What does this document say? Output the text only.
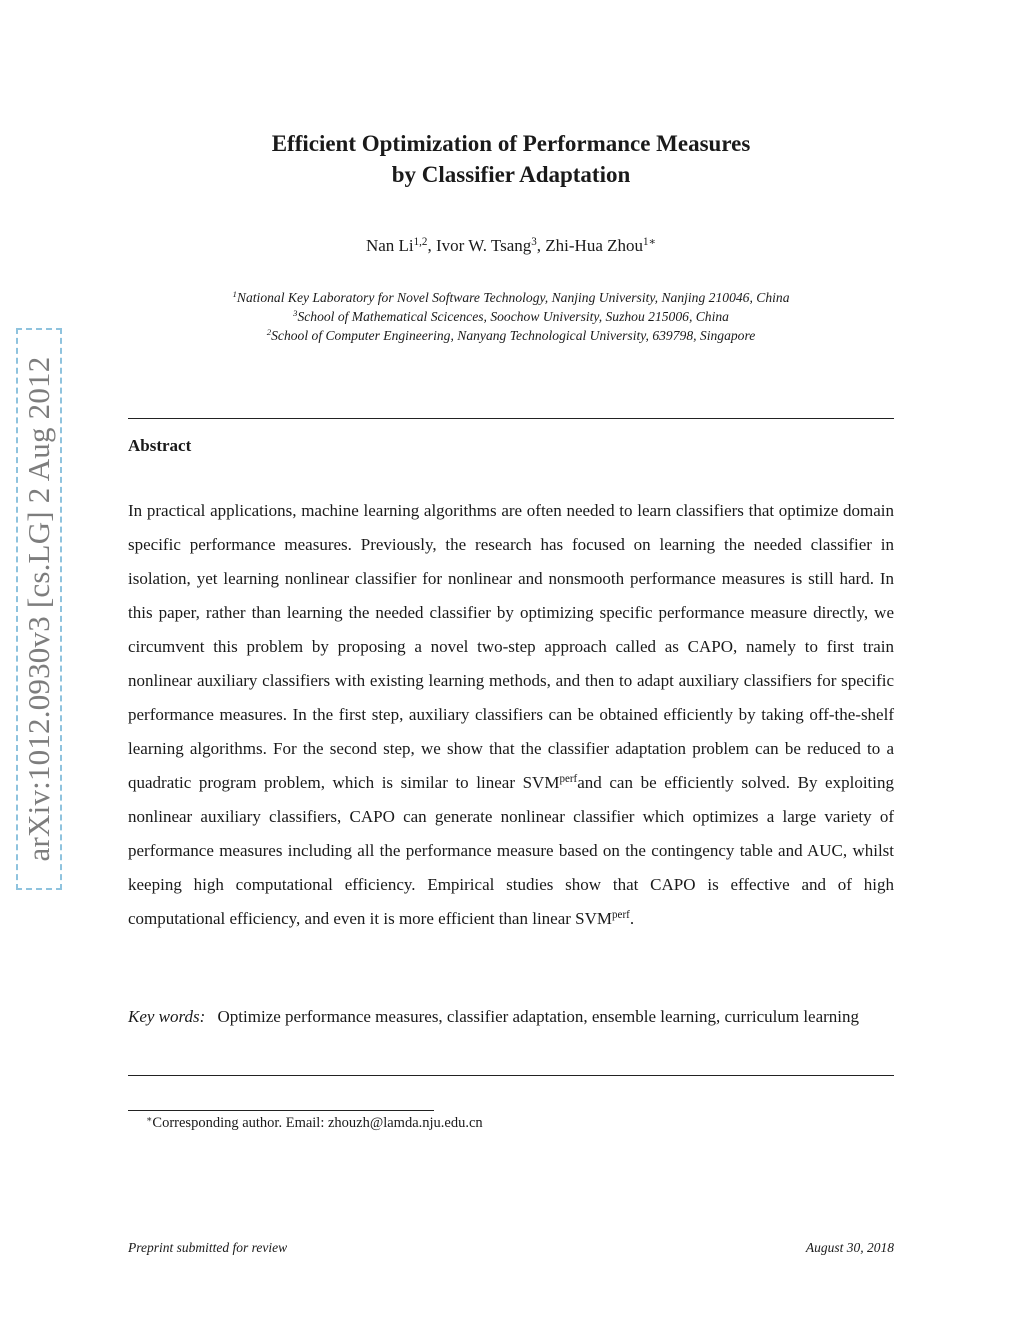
arXiv:1012.0930v3 [cs.LG] 2 Aug 2012
Efficient Optimization of Performance Measures
by Classifier Adaptation
Nan Li$^{1,2}$, Ivor W. Tsang$^3$, Zhi-Hua Zhou$^{1∗}$
$^1$National Key Laboratory for Novel Software Technology, Nanjing University, Nanjing 210046, China
$^3$School of Mathematical Scicences, Soochow University, Suzhou 215006, China
$^2$School of Computer Engineering, Nanyang Technological University, 639798, Singapore
Abstract

In practical applications, machine learning algorithms are often needed to learn classifiers that optimize domain specific performance measures. Previously, the research has focused on learning the needed classifier in isolation, yet learning nonlinear classifier for nonlinear and nonsmooth performance measures is still hard. In this paper, rather than learning the needed classifier by optimizing specific performance measure directly, we circumvent this problem by proposing a novel two-step approach called as CAPO, namely to first train nonlinear auxiliary classifiers with existing learning methods, and then to adapt auxiliary classifiers for specific performance measures. In the first step, auxiliary classifiers can be obtained efficiently by taking off-the-shelf learning algorithms. For the second step, we show that the classifier adaptation problem can be reduced to a quadratic program problem, which is similar to linear $SVM^{perf}and$ can be efficiently solved. By exploiting nonlinear auxiliary classifiers, CAPO can generate nonlinear classifier which optimizes a large variety of performance measures including all the performance measure based on the contingency table and AUC, whilst keeping high computational efficiency. Empirical studies show that CAPO is effective and of high computational efficiency, and even it is more efficient than linear $SVM^{perf}$.

Key words: Optimize performance measures, classifier adaptation, ensemble learning, curriculum learning

∗Corresponding author. Email: zhouzh@lamda.nju.edu.cn
Preprint submitted for review	August 30, 2018
